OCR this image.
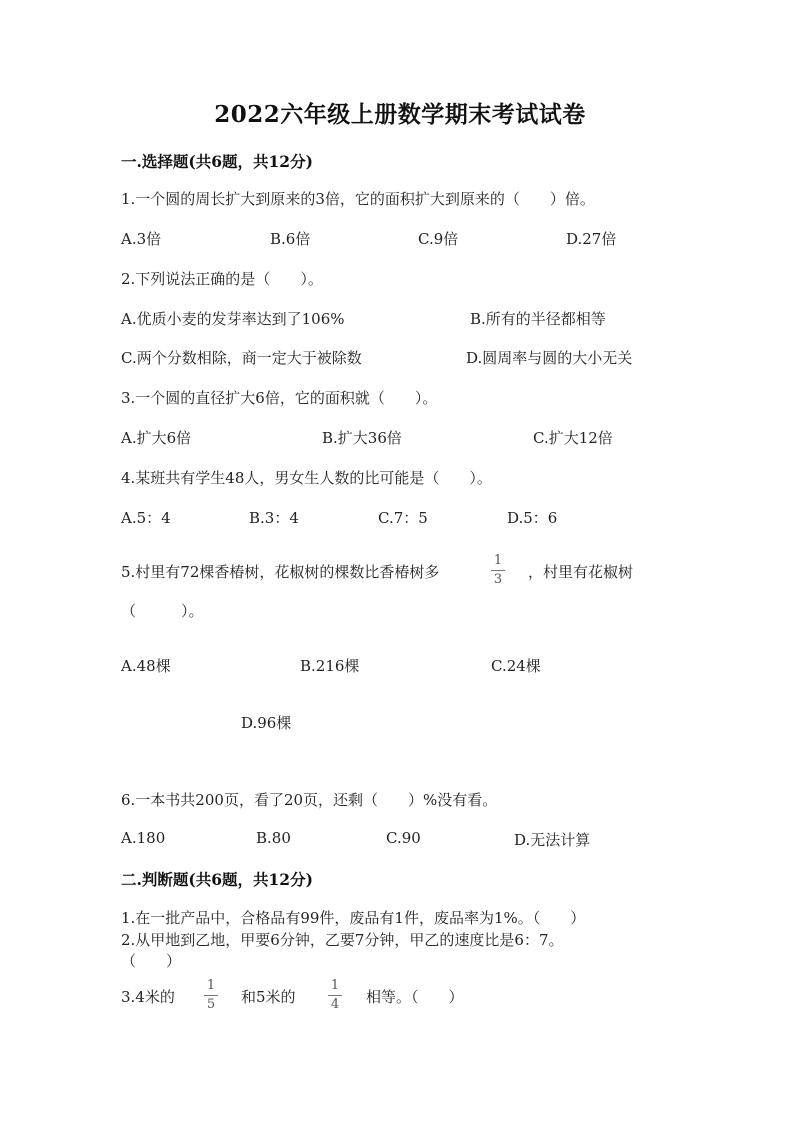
2022六年级上册数学期末考试试卷
一.选择题(共6题，共12分)
1.一个圆的周长扩大到原来的3倍，它的面积扩大到原来的（　　）倍。
A.3倍	B.6倍	C.9倍	D.27倍
2.下列说法正确的是（　　）。
A.优质小麦的发芽率达到了106%	B.所有的半径都相等
C.两个分数相除，商一定大于被除数	D.圆周率与圆的大小无关
3.一个圆的直径扩大6倍，它的面积就（　　）。
A.扩大6倍	B.扩大36倍	C.扩大12倍
4.某班共有学生48人，男女生人数的比可能是（　　）。
A.5：4	B.3：4	C.7：5	D.5：6
5.村里有72棵香椿树，花椒树的棵数比香椿树多
1
3 ，村里有花椒树
（　　　）。
A.48棵	B.216棵	C.24棵
D.96棵
6.一本书共200页，看了20页，还剩（　　）%没有看。
A.180	B.80	C.90	D.无法计算
二.判断题(共6题，共12分)
1.在一批产品中，合格品有99件，废品有1件，废品率为1%。（　　）
2.从甲地到乙地，甲要6分钟，乙要7分钟，甲乙的速度比是6：7。
（　　）
3.4米的
1
5 和5米的
1
4 相等。（　　）
